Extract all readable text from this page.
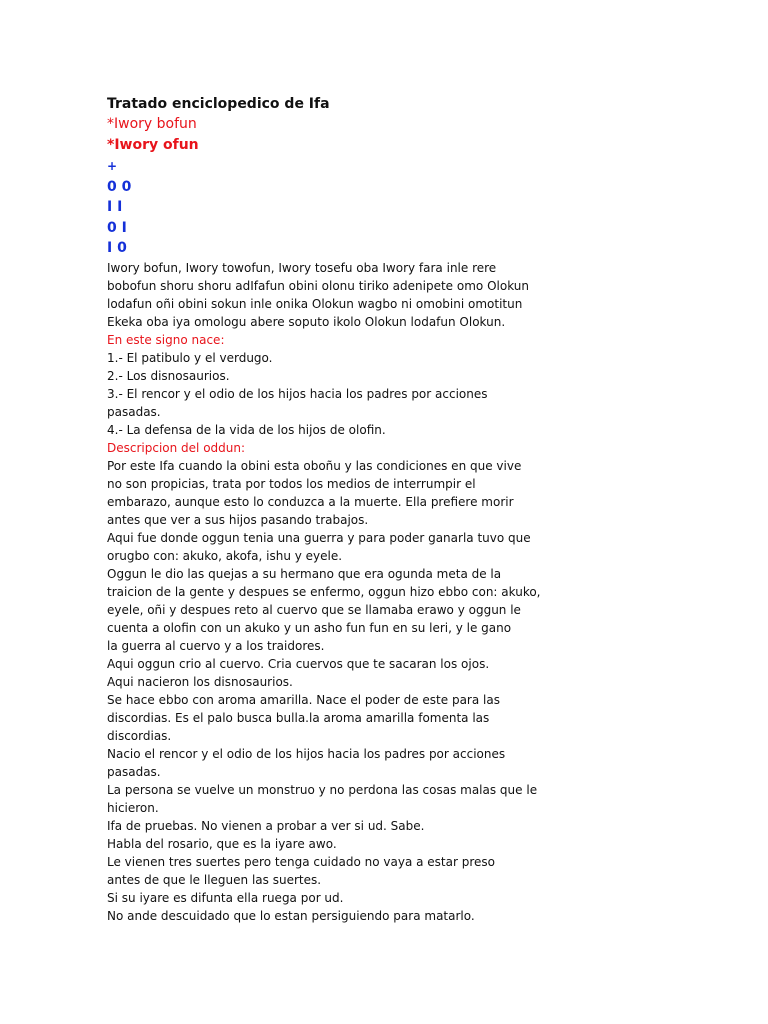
Tratado enciclopedico de Ifa
*Iwory bofun
*Iwory ofun
+
0 0
I I
0 I
I 0
Iwory bofun, Iwory towofun, Iwory tosefu oba Iwory fara inle rere
bobofun shoru shoru adIfafun obini olonu tiriko adenipete omo Olokun
lodafun oñi obini sokun inle onika Olokun wagbo ni omobini omotitun
Ekeka oba iya omologu abere soputo ikolo Olokun lodafun Olokun.
En este signo nace:
1.- El patibulo y el verdugo.
2.- Los disnosaurios.
3.- El rencor y el odio de los hijos hacia los padres por acciones
pasadas.
4.- La defensa de la vida de los hijos de olofin.
Descripcion del oddun:
Por este Ifa cuando la obini esta oboñu y las condiciones en que vive
no son propicias, trata por todos los medios de interrumpir el
embarazo, aunque esto lo conduzca a la muerte. Ella prefiere morir
antes que ver a sus hijos pasando trabajos.
Aqui fue donde oggun tenia una guerra y para poder ganarla tuvo que
orugbo con: akuko, akofa, ishu y eyele.
Oggun le dio las quejas a su hermano que era ogunda meta de la
traicion de la gente y despues se enfermo, oggun hizo ebbo con: akuko,
eyele, oñi y despues reto al cuervo que se llamaba erawo y oggun le
cuenta a olofin con un akuko y un asho fun fun en su leri, y le gano
la guerra al cuervo y a los traidores.
Aqui oggun crio al cuervo. Cria cuervos que te sacaran los ojos.
Aqui nacieron los disnosaurios.
Se hace ebbo con aroma amarilla. Nace el poder de este para las
discordias. Es el palo busca bulla.la aroma amarilla fomenta las
discordias.
Nacio el rencor y el odio de los hijos hacia los padres por acciones
pasadas.
La persona se vuelve un monstruo y no perdona las cosas malas que le
hicieron.
Ifa de pruebas. No vienen a probar a ver si ud. Sabe.
Habla del rosario, que es la iyare awo.
Le vienen tres suertes pero tenga cuidado no vaya a estar preso
antes de que le lleguen las suertes.
Si su iyare es difunta ella ruega por ud.
No ande descuidado que lo estan persiguiendo para matarlo.
